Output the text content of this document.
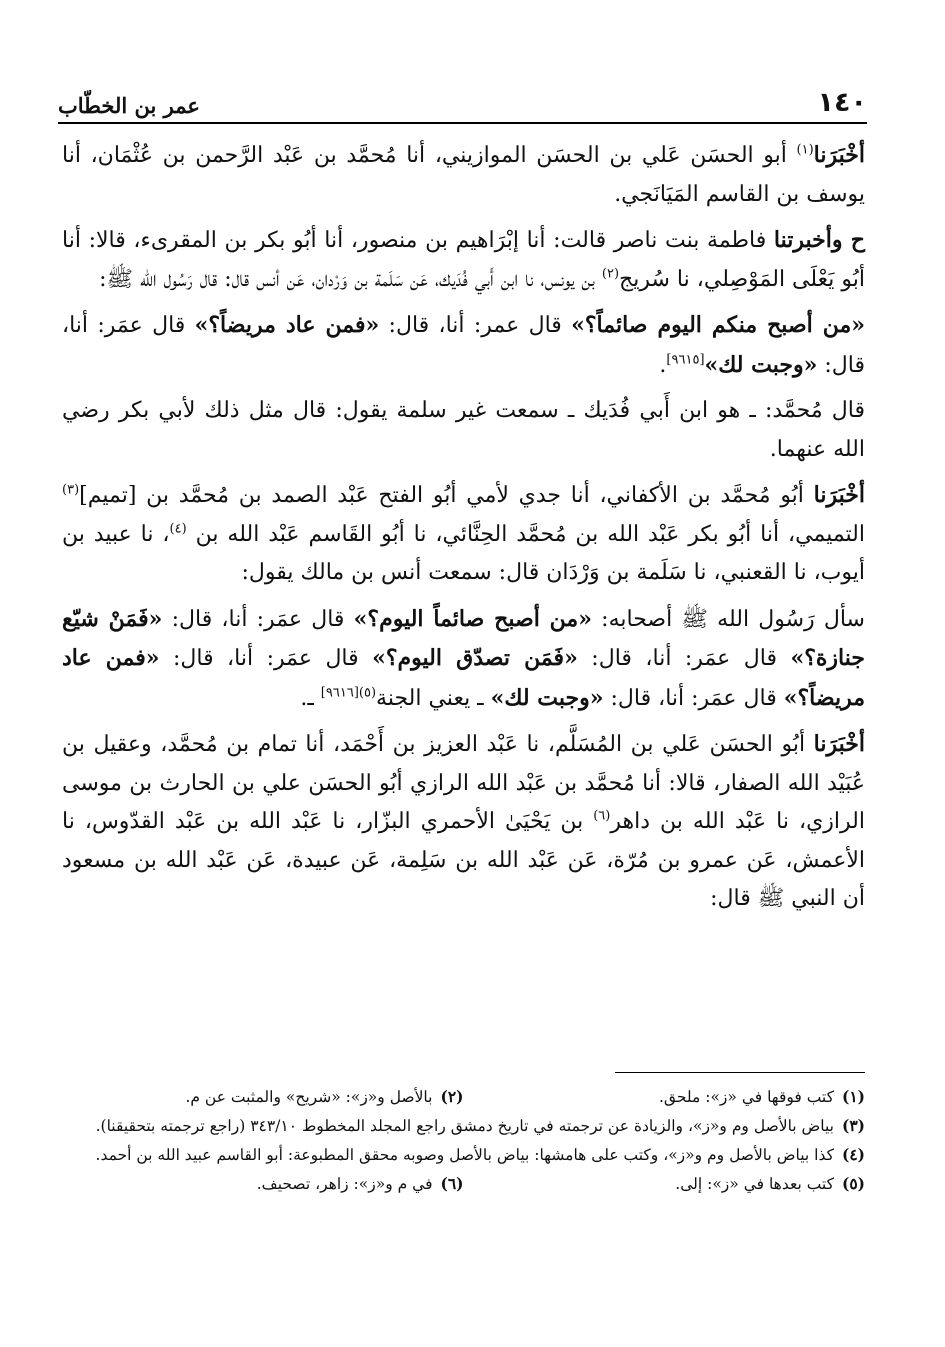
١٤٠
عمر بن الخطّاب

أخْبَرَنا$^{(١)}$ أبو الحسَن عَلي بن الحسَن الموازيني، أنا مُحمَّد بن عَبْد الرَّحمن بن عُثْمَان، أنا يوسف بن القاسم المَيَانَجي.

ح وأخبرتنا فاطمة بنت ناصر قالت: أنا إبْرَاهيم بن منصور، أنا أبُو بكر بن المقرىء، قالا: أنا أبُو يَعْلَى المَوْصِلي، نا سُريج$^{(٢)}$ بن يونس، نا ابن أَبي فُدَيك، عَن سَلَمة بن وَرْدان، عَن أنس قال: قال رَسُول الله ﷺ:

«من أصبح منكم اليوم صائماً؟» قال عمر: أنا، قال: «فمن عاد مريضاً؟» قال عمَر: أنا، قال: «وجبت لك»[٩٦١٥].

قال مُحمَّد: ـ هو ابن أَبي فُدَيك ـ سمعت غير سلمة يقول: قال مثل ذلك لأبي بكر رضي الله عنهما.

أخْبَرَنا أبُو مُحمَّد بن الأكفاني، أنا جدي لأمي أبُو الفتح عَبْد الصمد بن مُحمَّد بن [تميم]$^{(٣)}$ التميمي، أنا أبُو بكر عَبْد الله بن مُحمَّد الحِنَّائي، نا أبُو القَاسم عَبْد الله بن $^{(٤)}$، نا عبيد بن أيوب، نا القعنبي، نا سَلَمة بن وَرْدَان قال: سمعت أنس بن مالك يقول:

سأل رَسُول الله ﷺ أصحابه: «من أصبح صائماً اليوم؟» قال عمَر: أنا، قال: «فَمَنْ شيّع جنازة؟» قال عمَر: أنا، قال: «فَمَن تصدّق اليوم؟» قال عمَر: أنا، قال: «فمن عاد مريضاً؟» قال عمَر: أنا، قال: «وجبت لك» ـ يعني الجنة$^{(٥)[٩٦١٦]}$ ـ.

أخْبَرَنا أبُو الحسَن عَلي بن المُسَلَّم، نا عَبْد العزيز بن أَحْمَد، أنا تمام بن مُحمَّد، وعقيل بن عُبَيْد الله الصفار، قالا: أنا مُحمَّد بن عَبْد الله الرازي أبُو الحسَن علي بن الحارث بن موسى الرازي، نا عَبْد الله بن داهر$^{(٦)}$ بن يَحْيَىٰ الأحمري البزّار، نا عَبْد الله بن عَبْد القدّوس، نا الأعمش، عَن عمرو بن مُرّة، عَن عَبْد الله بن سَلِمة، عَن عبيدة، عَن عَبْد الله بن مسعود أن النبي ﷺ قال:

(١)كتب فوقها في «ز»: ملحق.
(٢)بالأصل و«ز»: «شريح» والمثبت عن م.
(٣)بياض بالأصل وم و«ز»، والزيادة عن ترجمته في تاريخ دمشق راجع المجلد المخطوط ٣٤٣/١٠ (راجع ترجمته بتحقيقنا).
(٤)كذا بياض بالأصل وم و«ز»، وكتب على هامشها: بياض بالأصل وصوبه محقق المطبوعة: أبو القاسم عبيد الله بن أحمد.
(٥)كتب بعدها في «ز»: إلى.
(٦)في م و«ز»: زاهر، تصحيف.
